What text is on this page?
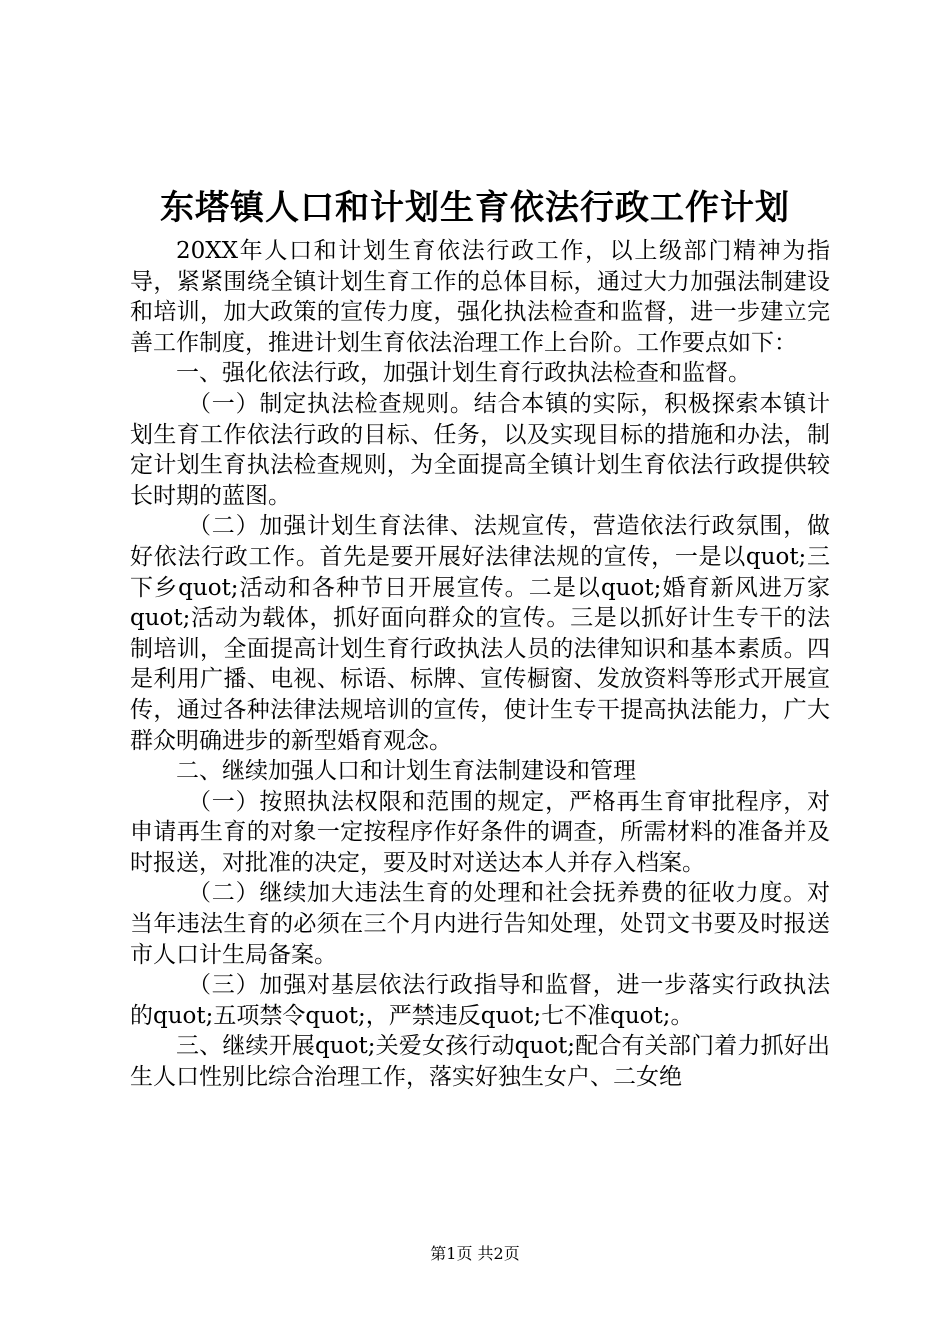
东塔镇人口和计划生育依法行政工作计划

20XX年人口和计划生育依法行政工作，以上级部门精神为指导，紧紧围绕全镇计划生育工作的总体目标，通过大力加强法制建设和培训，加大政策的宣传力度，强化执法检查和监督，进一步建立完善工作制度，推进计划生育依法治理工作上台阶。工作要点如下：

一、强化依法行政，加强计划生育行政执法检查和监督。

（一）制定执法检查规则。结合本镇的实际，积极探索本镇计划生育工作依法行政的目标、任务，以及实现目标的措施和办法，制定计划生育执法检查规则，为全面提高全镇计划生育依法行政提供较长时期的蓝图。

（二）加强计划生育法律、法规宣传，营造依法行政氛围，做好依法行政工作。首先是要开展好法律法规的宣传，一是以quot;三下乡quot;活动和各种节日开展宣传。二是以quot;婚育新风进万家quot;活动为载体，抓好面向群众的宣传。三是以抓好计生专干的法制培训，全面提高计划生育行政执法人员的法律知识和基本素质。四是利用广播、电视、标语、标牌、宣传橱窗、发放资料等形式开展宣传，通过各种法律法规培训的宣传，使计生专干提高执法能力，广大群众明确进步的新型婚育观念。

二、继续加强人口和计划生育法制建设和管理

（一）按照执法权限和范围的规定，严格再生育审批程序，对申请再生育的对象一定按程序作好条件的调查，所需材料的准备并及时报送，对批准的决定，要及时对送达本人并存入档案。

（二）继续加大违法生育的处理和社会抚养费的征收力度。对当年违法生育的必须在三个月内进行告知处理，处罚文书要及时报送市人口计生局备案。

（三）加强对基层依法行政指导和监督，进一步落实行政执法的quot;五项禁令quot;，严禁违反quot;七不准quot;。

三、继续开展quot;关爱女孩行动quot;配合有关部门着力抓好出生人口性别比综合治理工作，落实好独生女户、二女绝

第1页 共2页
